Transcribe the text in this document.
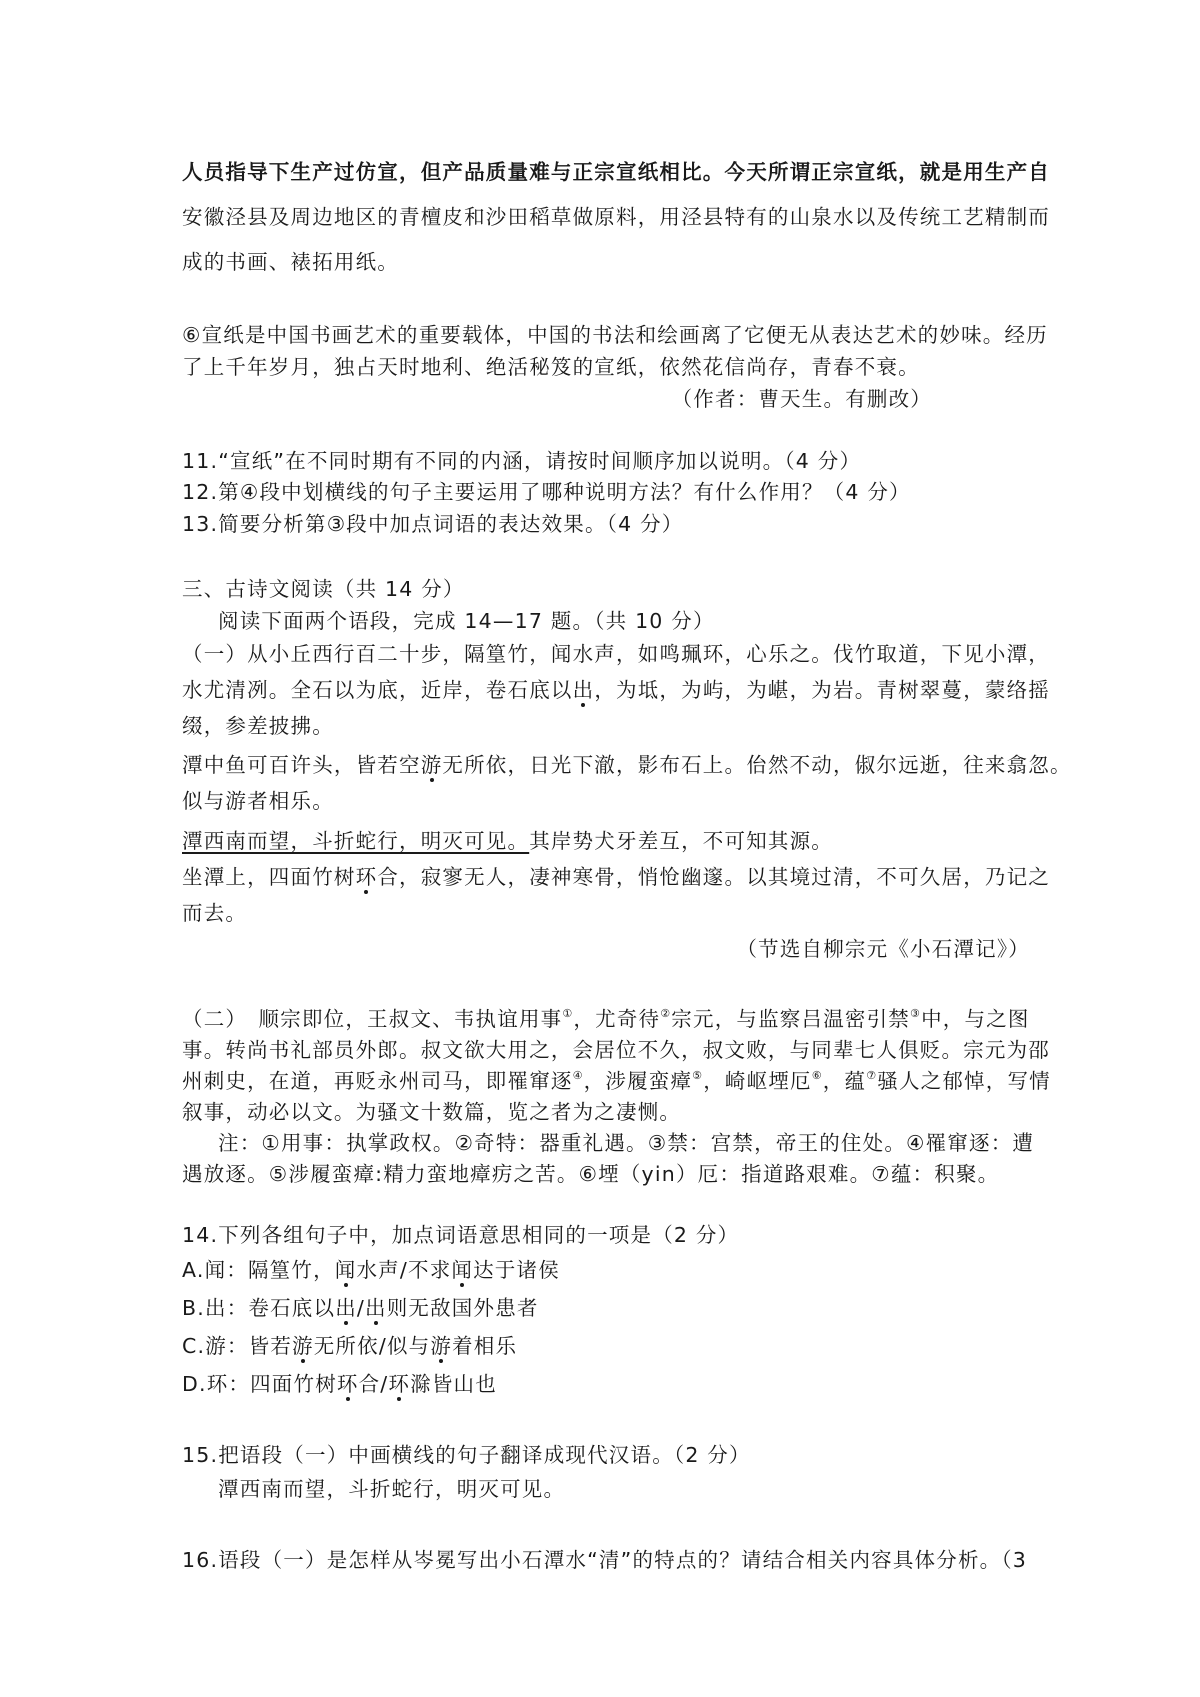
人员指导下生产过仿宣，但产品质量难与正宗宣纸相比。今天所谓正宗宣纸，就是用生产自
安徽泾县及周边地区的青檀皮和沙田稻草做原料，用泾县特有的山泉水以及传统工艺精制而
成的书画、裱拓用纸。
⑥宣纸是中国书画艺术的重要载体，中国的书法和绘画离了它便无从表达艺术的妙味。经历
了上千年岁月，独占天时地利、绝活秘笈的宣纸，依然花信尚存，青春不衰。
（作者：曹天生。有删改）
11.“宣纸”在不同时期有不同的内涵，请按时间顺序加以说明。（4 分）
12.第④段中划横线的句子主要运用了哪种说明方法？有什么作用？（4 分）
13.简要分析第③段中加点词语的表达效果。（4 分）
三、古诗文阅读（共 14 分）
阅读下面两个语段，完成 14—17 题。（共 10 分）
（一）从小丘西行百二十步，隔篁竹，闻水声，如鸣珮环，心乐之。伐竹取道，下见小潭，
水尤清冽。全石以为底，近岸，卷石底以出，为坻，为屿，为嵁，为岩。青树翠蔓，蒙络摇
缀，参差披拂。
潭中鱼可百许头，皆若空游无所依，日光下澈，影布石上。佁然不动，俶尔远逝，往来翕忽。
似与游者相乐。
潭西南而望，斗折蛇行，明灭可见。其岸势犬牙差互，不可知其源。
坐潭上，四面竹树环合，寂寥无人，凄神寒骨，悄怆幽邃。以其境过清，不可久居，乃记之
而去。
（节选自柳宗元《小石潭记》）
（二）　顺宗即位，王叔文、韦执谊用事①，尤奇待②宗元，与监察吕温密引禁③中，与之图
事。转尚书礼部员外郎。叔文欲大用之，会居位不久，叔文败，与同辈七人俱贬。宗元为邵
州刺史，在道，再贬永州司马，即罹窜逐④，涉履蛮瘴⑤，崎岖堙厄⑥，蕴⑦骚人之郁悼，写情
叙事，动必以文。为骚文十数篇，览之者为之凄恻。
注：①用事：执掌政权。②奇特：器重礼遇。③禁：宫禁，帝王的住处。④罹窜逐：遭
遇放逐。⑤涉履蛮瘴:精力蛮地瘴疠之苦。⑥堙（yin）厄：指道路艰难。⑦蕴：积聚。
14.下列各组句子中，加点词语意思相同的一项是（2 分）
A.闻：隔篁竹，闻水声/不求闻达于诸侯
B.出：卷石底以出/出则无敌国外患者
C.游：皆若游无所依/似与游着相乐
D.环：四面竹树环合/环滁皆山也
15.把语段（一）中画横线的句子翻译成现代汉语。（2 分）
潭西南而望，斗折蛇行，明灭可见。
16.语段（一）是怎样从岑冕写出小石潭水“清”的特点的？请结合相关内容具体分析。（3
